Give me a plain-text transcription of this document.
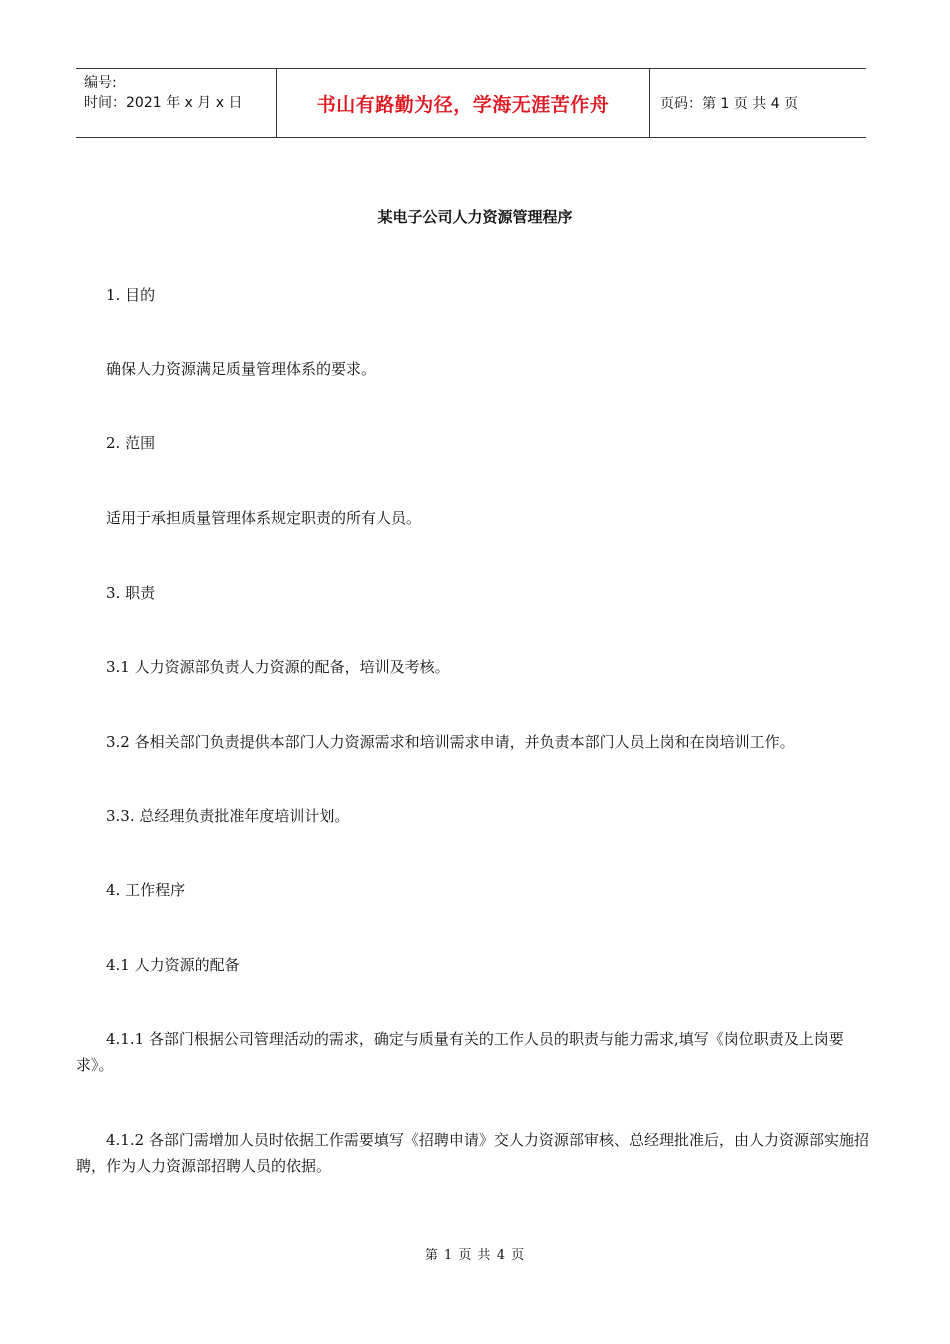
编号:
时间：2021 年 x 月 x 日	书山有路勤为径，学海无涯苦作舟	页码：第 1 页 共 4 页
某电子公司人力资源管理程序

1. 目的

确保人力资源满足质量管理体系的要求。

2. 范围

适用于承担质量管理体系规定职责的所有人员。

3. 职责

3.1 人力资源部负责人力资源的配备，培训及考核。

3.2 各相关部门负责提供本部门人力资源需求和培训需求申请，并负责本部门人员上岗和在岗培训工作。

3.3. 总经理负责批准年度培训计划。

4. 工作程序

4.1 人力资源的配备

4.1.1 各部门根据公司管理活动的需求，确定与质量有关的工作人员的职责与能力需求,填写《岗位职责及上岗要求》。

4.1.2 各部门需增加人员时依据工作需要填写《招聘申请》交人力资源部审核、总经理批准后，由人力资源部实施招聘，作为人力资源部招聘人员的依据。

第 1 页 共 4 页
